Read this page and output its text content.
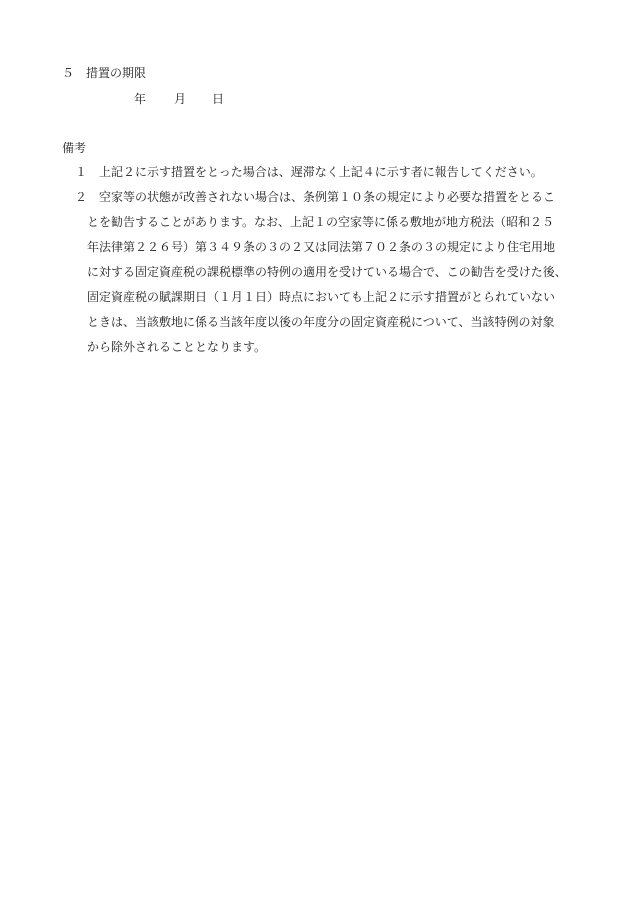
５　措置の期限
年 月 日
備考
１ 上記２に示す措置をとった場合は、遅滞なく上記４に示す者に報告してください。
２ 空家等の状態が改善されない場合は、条例第１０条の規定により必要な措置をとるこ
とを勧告することがあります。なお、上記１の空家等に係る敷地が地方税法（昭和２５
年法律第２２６号）第３４９条の３の２又は同法第７０２条の３の規定により住宅用地
に対する固定資産税の課税標準の特例の適用を受けている場合で、この勧告を受けた後、
固定資産税の賦課期日（１月１日）時点においても上記２に示す措置がとられていない
ときは、当該敷地に係る当該年度以後の年度分の固定資産税について、当該特例の対象
から除外されることとなります。
